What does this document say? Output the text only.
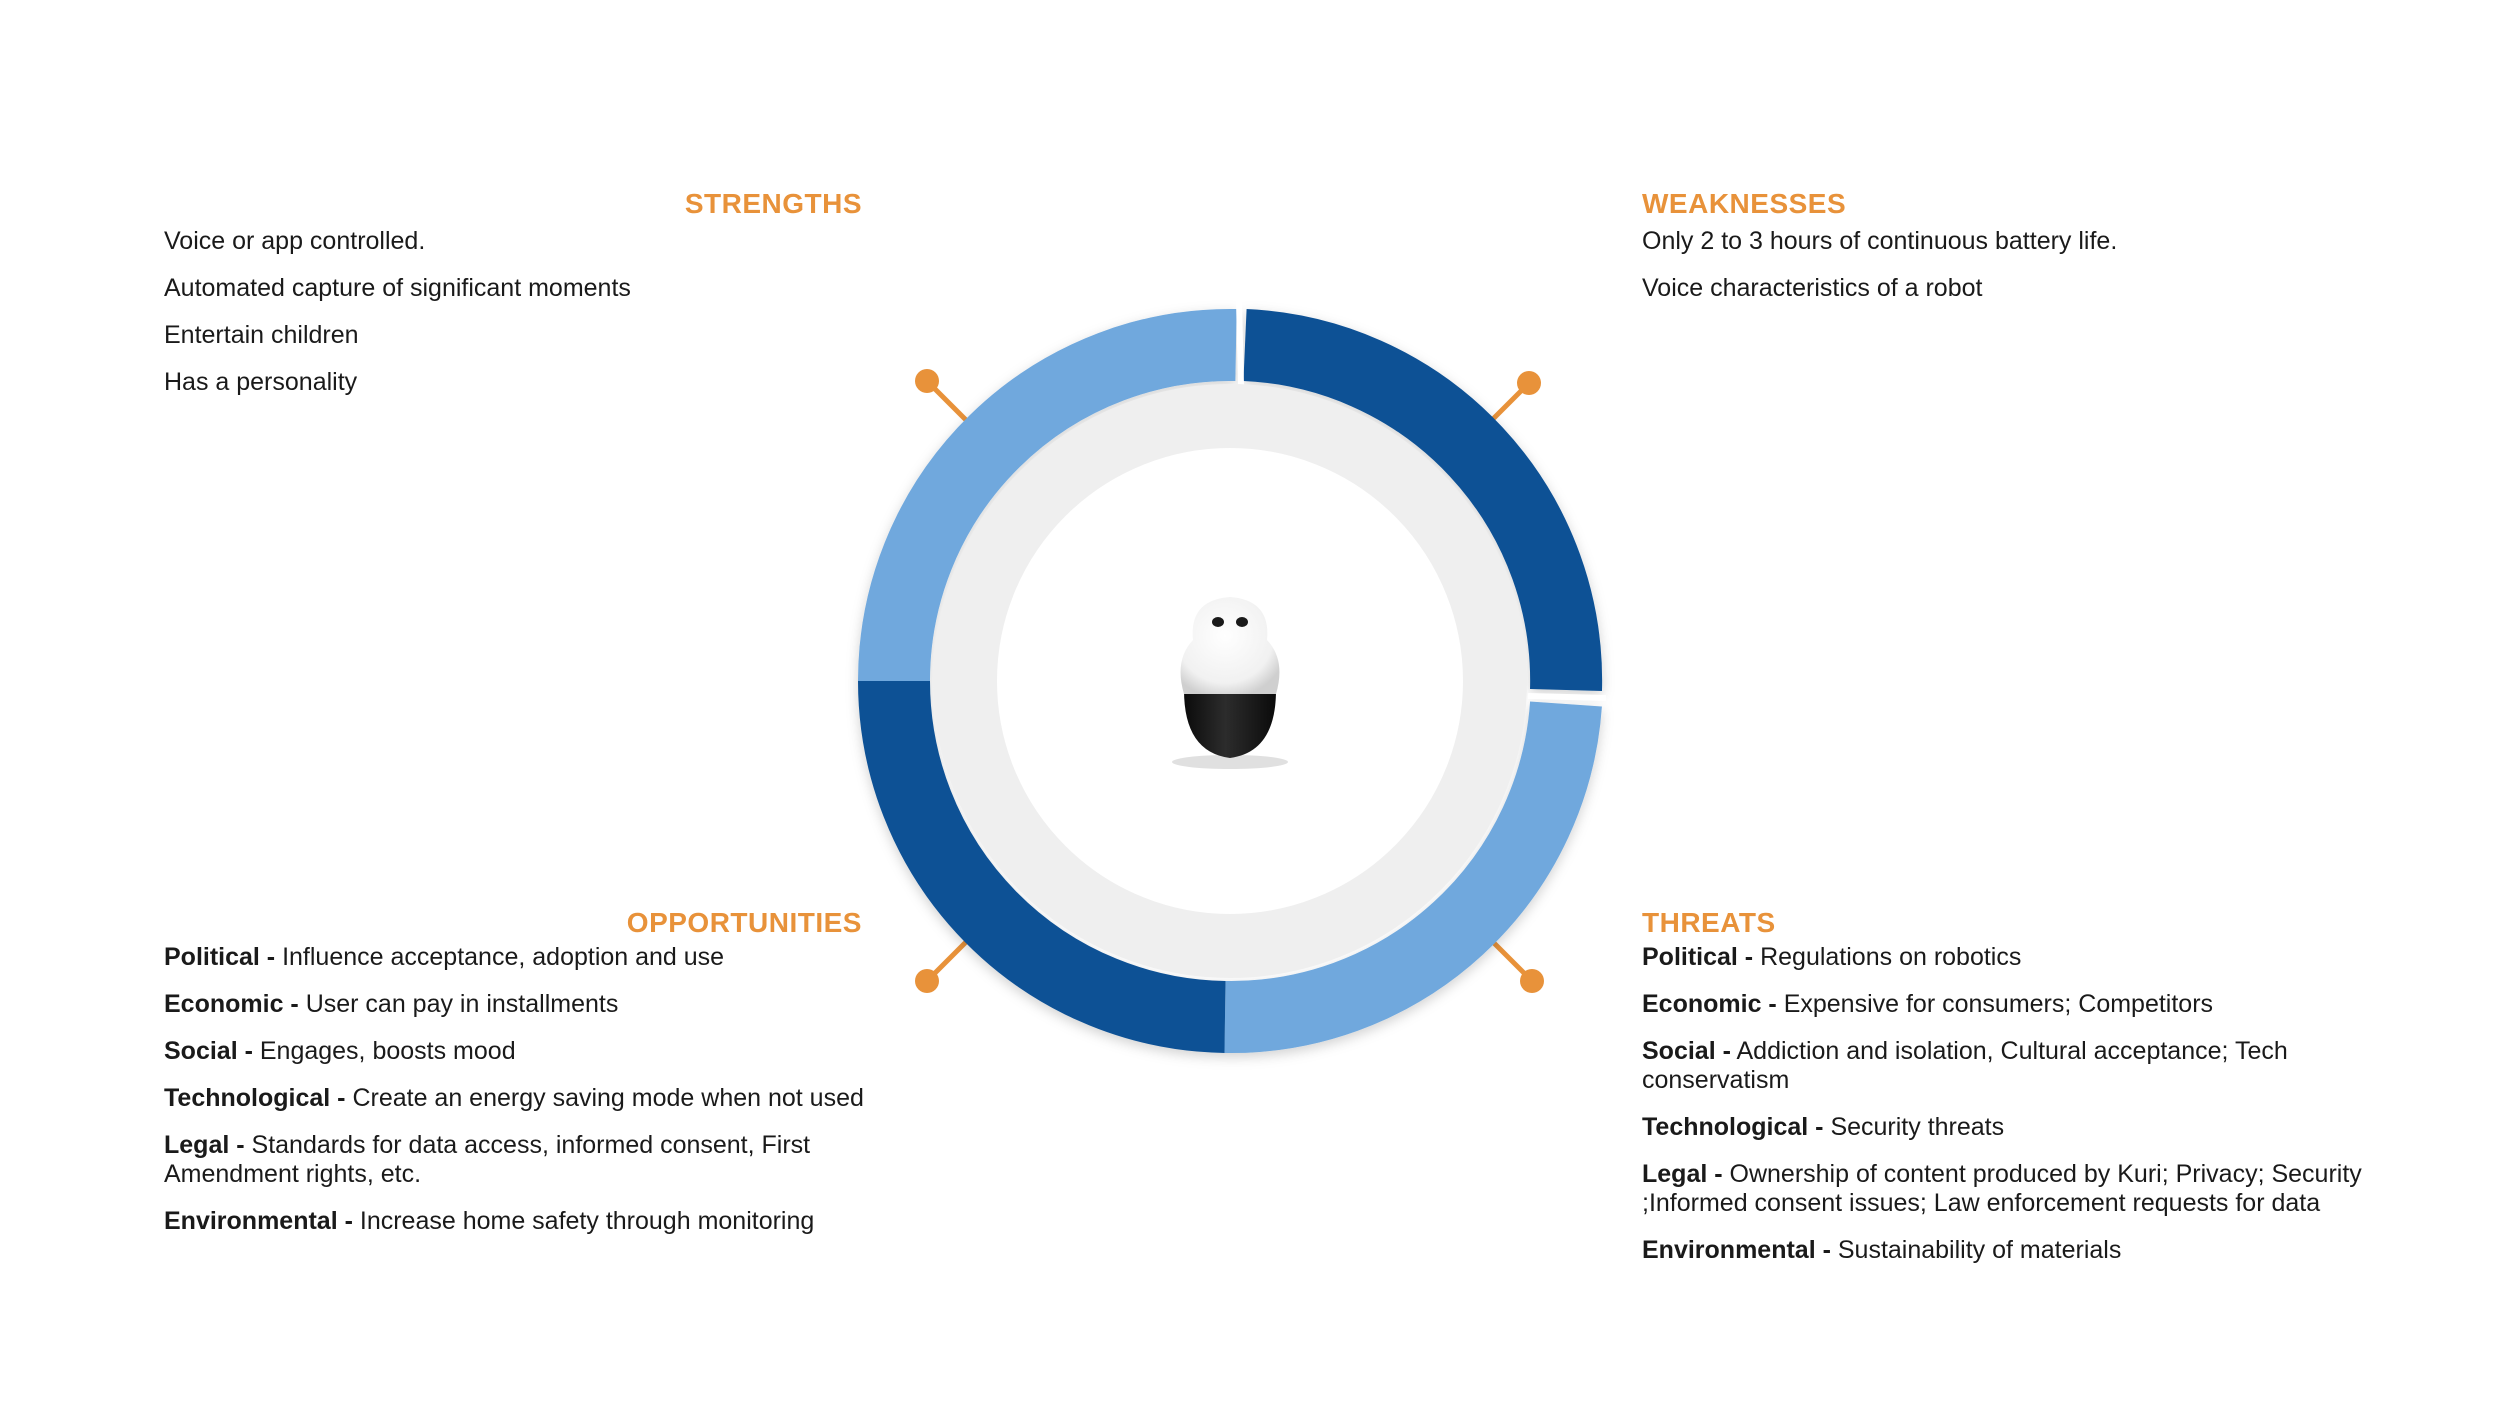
STRENGTHS	WEAKNESSES
OPPORTUNITIES	THREATS
Voice or app controlled.
Automated capture of significant moments
Entertain children
Has a personality
Only 2 to 3 hours of continuous battery life.
Voice characteristics of a robot
Political - Influence acceptance, adoption and use
Economic - User can pay in installments
Social - Engages, boosts mood
Technological - Create an energy saving mode when not used
Legal - Standards for data access, informed consent, First Amendment rights, etc.
Environmental - Increase home safety through monitoring
Political - Regulations on robotics
Economic - Expensive for consumers; Competitors
Social - Addiction and isolation, Cultural acceptance; Tech conservatism
Technological - Security threats
Legal - Ownership of content produced by Kuri; Privacy; Security ;Informed consent issues; Law enforcement requests for data
Environmental - Sustainability of materials
